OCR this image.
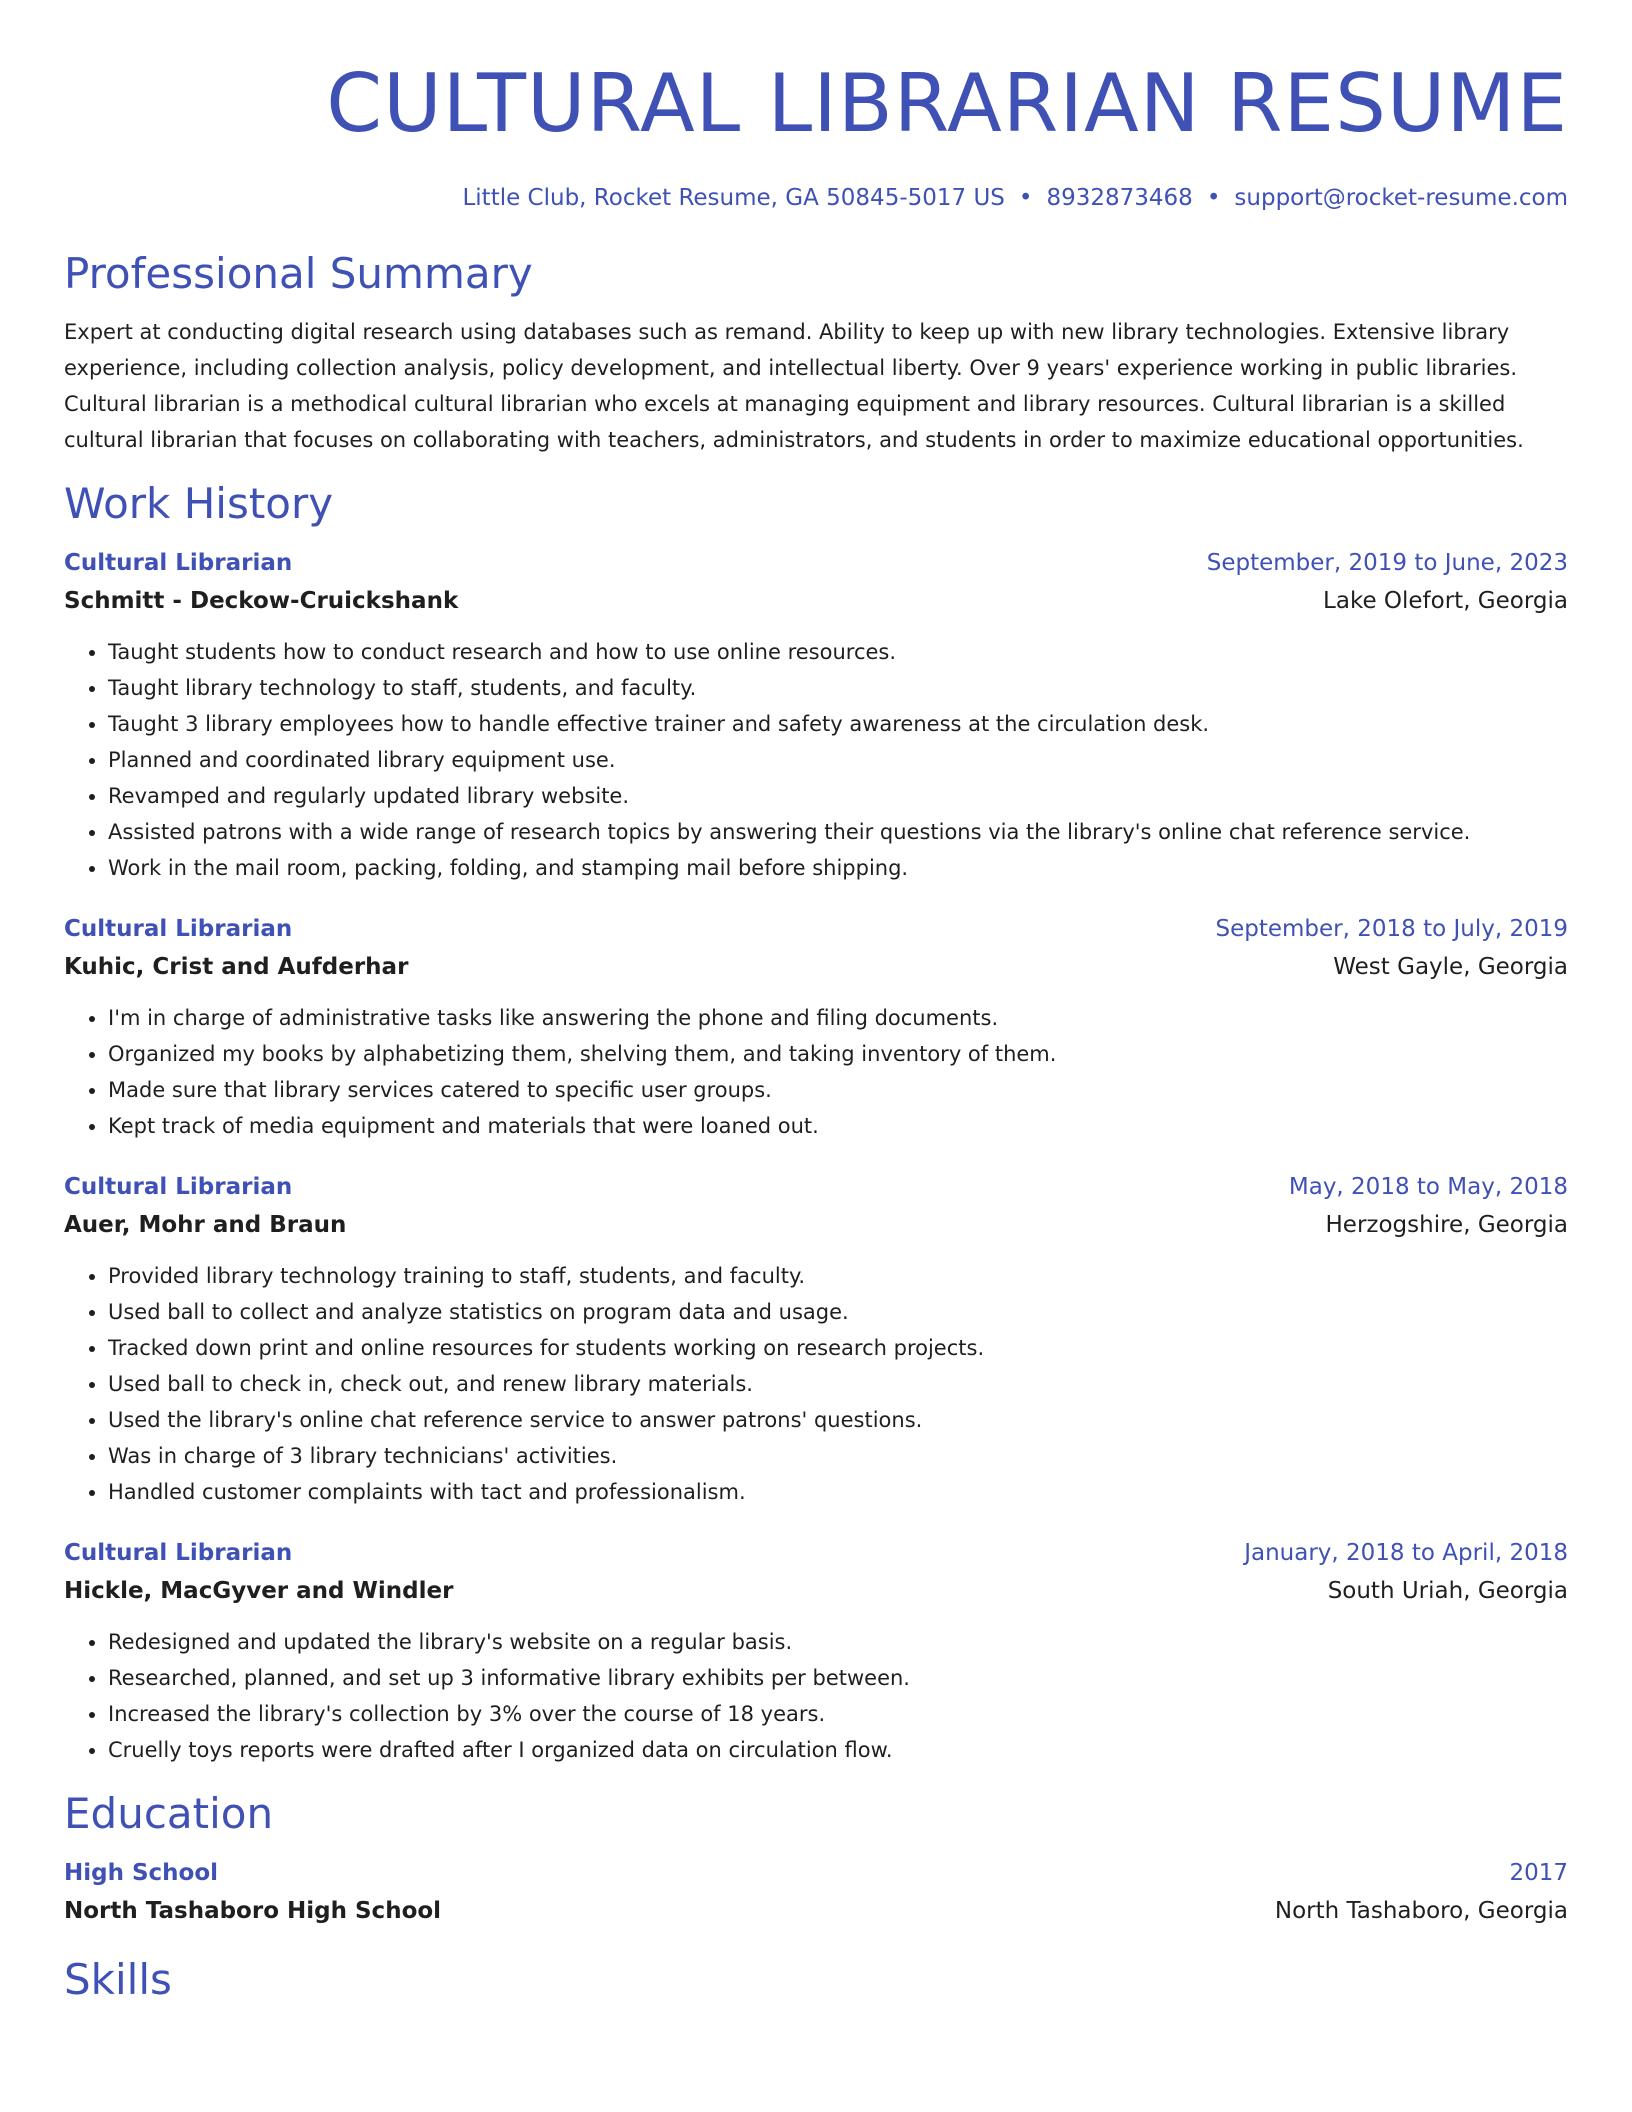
CULTURAL LIBRARIAN RESUME
Little Club, Rocket Resume, GA 50845-5017 US • 8932873468 • support@rocket-resume.com
Professional Summary

Expert at conducting digital research using databases such as remand. Ability to keep up with new library technologies. Extensive library experience, including collection analysis, policy development, and intellectual liberty. Over 9 years' experience working in public libraries. Cultural librarian is a methodical cultural librarian who excels at managing equipment and library resources. Cultural librarian is a skilled cultural librarian that focuses on collaborating with teachers, administrators, and students in order to maximize educational opportunities.

Work History
Cultural Librarian	September, 2019 to June, 2023
Schmitt - Deckow-Cruickshank	Lake Olefort, Georgia
• Taught students how to conduct research and how to use online resources.
• Taught library technology to staff, students, and faculty.
• Taught 3 library employees how to handle effective trainer and safety awareness at the circulation desk.
• Planned and coordinated library equipment use.
• Revamped and regularly updated library website.
• Assisted patrons with a wide range of research topics by answering their questions via the library's online chat reference service.
• Work in the mail room, packing, folding, and stamping mail before shipping.
Cultural Librarian	September, 2018 to July, 2019
Kuhic, Crist and Aufderhar	West Gayle, Georgia
• I'm in charge of administrative tasks like answering the phone and filing documents.
• Organized my books by alphabetizing them, shelving them, and taking inventory of them.
• Made sure that library services catered to specific user groups.
• Kept track of media equipment and materials that were loaned out.
Cultural Librarian	May, 2018 to May, 2018
Auer, Mohr and Braun	Herzogshire, Georgia
• Provided library technology training to staff, students, and faculty.
• Used ball to collect and analyze statistics on program data and usage.
• Tracked down print and online resources for students working on research projects.
• Used ball to check in, check out, and renew library materials.
• Used the library's online chat reference service to answer patrons' questions.
• Was in charge of 3 library technicians' activities.
• Handled customer complaints with tact and professionalism.
Cultural Librarian	January, 2018 to April, 2018
Hickle, MacGyver and Windler	South Uriah, Georgia
• Redesigned and updated the library's website on a regular basis.
• Researched, planned, and set up 3 informative library exhibits per between.
• Increased the library's collection by 3% over the course of 18 years.
• Cruelly toys reports were drafted after I organized data on circulation flow.
Education
High School	2017
North Tashaboro High School	North Tashaboro, Georgia
Skills
